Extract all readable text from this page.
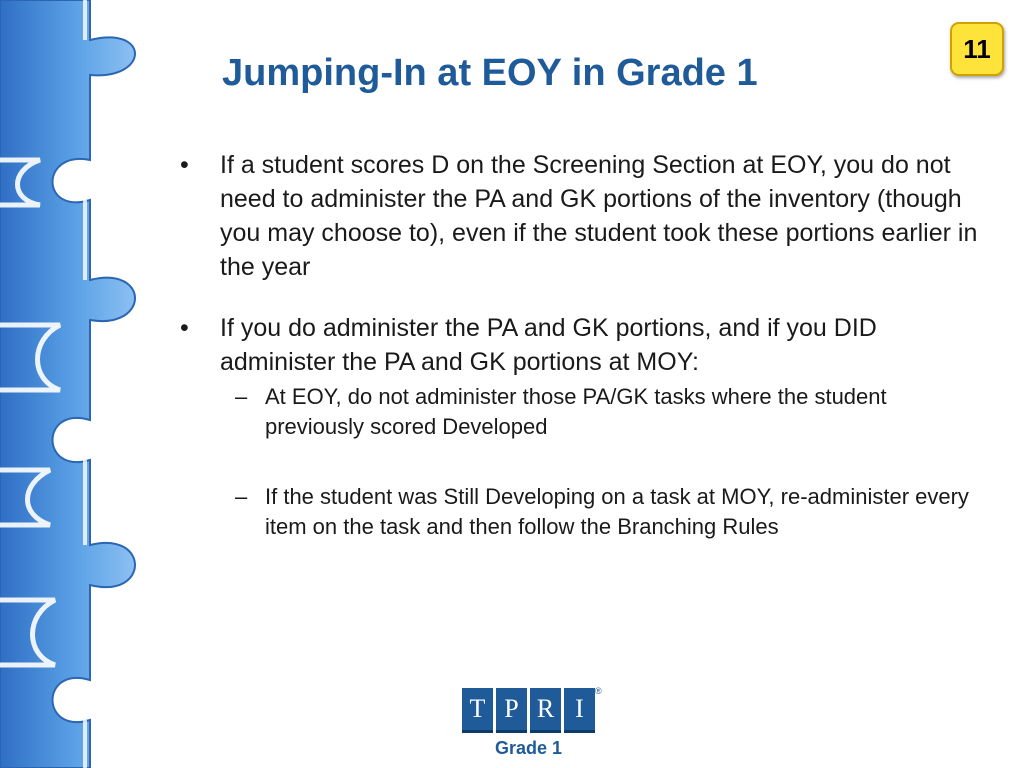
Jumping-In at EOY in Grade 1
11
•	If a student scores D on the Screening Section at EOY, you do not need to administer the PA and GK portions of the inventory (though you may choose to), even if the student took these portions earlier in the year
•	If you do administer the PA and GK portions, and if you DID administer the PA and GK portions at MOY:
– At EOY, do not administer those PA/GK tasks where the student previously scored Developed
– If the student was Still Developing on a task at MOY, re-administer every item on the task and then follow the Branching Rules
T P R I
®
Grade 1
